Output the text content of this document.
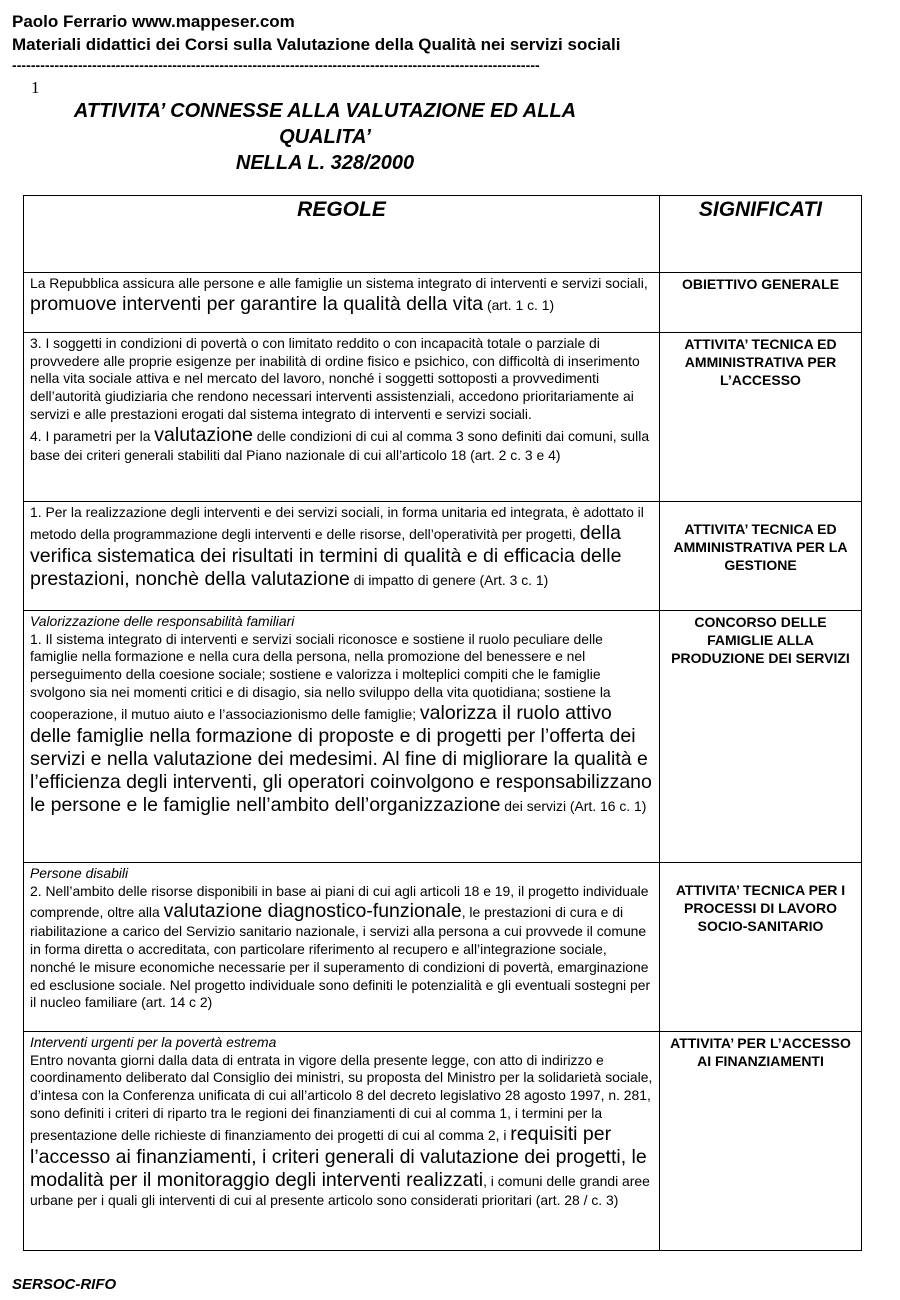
Paolo Ferrario www.mappeser.com
Materiali didattici dei Corsi sulla Valutazione della Qualità nei servizi sociali
----------------------------------------------------------------------------------------------------------------
1
ATTIVITA’ CONNESSE ALLA VALUTAZIONE ED ALLA
QUALITA’
NELLA L. 328/2000
REGOLE	SIGNIFICATI
La Repubblica assicura alle persone e alle famiglie un sistema integrato di interventi e servizi sociali, promuove interventi per garantire la qualità della vita (art. 1 c. 1)	OBIETTIVO GENERALE

3. I soggetti in condizioni di povertà o con limitato reddito o con incapacità totale o parziale di provvedere alle proprie esigenze per inabilità di ordine fisico e psichico, con difficoltà di inserimento nella vita sociale attiva e nel mercato del lavoro, nonché i soggetti sottoposti a provvedimenti dell’autorità giudiziaria che rendono necessari interventi assistenziali, accedono prioritariamente ai servizi e alle prestazioni erogati dal sistema integrato di interventi e servizi sociali.
4. I parametri per la valutazione delle condizioni di cui al comma 3 sono definiti dai comuni, sulla base dei criteri generali stabiliti dal Piano nazionale di cui all’articolo 18 (art. 2 c. 3 e 4)	ATTIVITA’ TECNICA ED AMMINISTRATIVA PER L’ACCESSO
1. Per la realizzazione degli interventi e dei servizi sociali, in forma unitaria ed integrata, è adottato il metodo della programmazione degli interventi e delle risorse, dell’operatività per progetti, della verifica sistematica dei risultati in termini di qualità e di efficacia delle prestazioni, nonchè della valutazione di impatto di genere (Art. 3 c. 1)	ATTIVITA’ TECNICA ED AMMINISTRATIVA PER LA GESTIONE

Valorizzazione delle responsabilità familiari
1. Il sistema integrato di interventi e servizi sociali riconosce e sostiene il ruolo peculiare delle famiglie nella formazione e nella cura della persona, nella promozione del benessere e nel perseguimento della coesione sociale; sostiene e valorizza i molteplici compiti che le famiglie svolgono sia nei momenti critici e di disagio, sia nello sviluppo della vita quotidiana; sostiene la cooperazione, il mutuo aiuto e l’associazionismo delle famiglie; valorizza il ruolo attivo delle famiglie nella formazione di proposte e di progetti per l’offerta dei servizi e nella valutazione dei medesimi. Al fine di migliorare la qualità e l’efficienza degli interventi, gli operatori coinvolgono e responsabilizzano le persone e le famiglie nell’ambito dell’organizzazione dei servizi (Art. 16 c. 1)	CONCORSO DELLE FAMIGLIE ALLA PRODUZIONE DEI SERVIZI

Persone disabili
2. Nell’ambito delle risorse disponibili in base ai piani di cui agli articoli 18 e 19, il progetto individuale comprende, oltre alla valutazione diagnostico-funzionale, le prestazioni di cura e di riabilitazione a carico del Servizio sanitario nazionale, i servizi alla persona a cui provvede il comune in forma diretta o accreditata, con particolare riferimento al recupero e all’integrazione sociale, nonché le misure economiche necessarie per il superamento di condizioni di povertà, emarginazione ed esclusione sociale. Nel progetto individuale sono definiti le potenzialità e gli eventuali sostegni per il nucleo familiare (art. 14 c 2)	ATTIVITA’ TECNICA PER I PROCESSI DI LAVORO SOCIO-SANITARIO

Interventi urgenti per la povertà estrema
Entro novanta giorni dalla data di entrata in vigore della presente legge, con atto di indirizzo e coordinamento deliberato dal Consiglio dei ministri, su proposta del Ministro per la solidarietà sociale, d’intesa con la Conferenza unificata di cui all’articolo 8 del decreto legislativo 28 agosto 1997, n. 281, sono definiti i criteri di riparto tra le regioni dei finanziamenti di cui al comma 1, i termini per la presentazione delle richieste di finanziamento dei progetti di cui al comma 2, i requisiti per l’accesso ai finanziamenti, i criteri generali di valutazione dei progetti, le modalità per il monitoraggio degli interventi realizzati, i comuni delle grandi aree urbane per i quali gli interventi di cui al presente articolo sono considerati prioritari (art. 28 / c. 3)	ATTIVITA’ PER L’ACCESSO AI FINANZIAMENTI
SERSOC-RIFO
